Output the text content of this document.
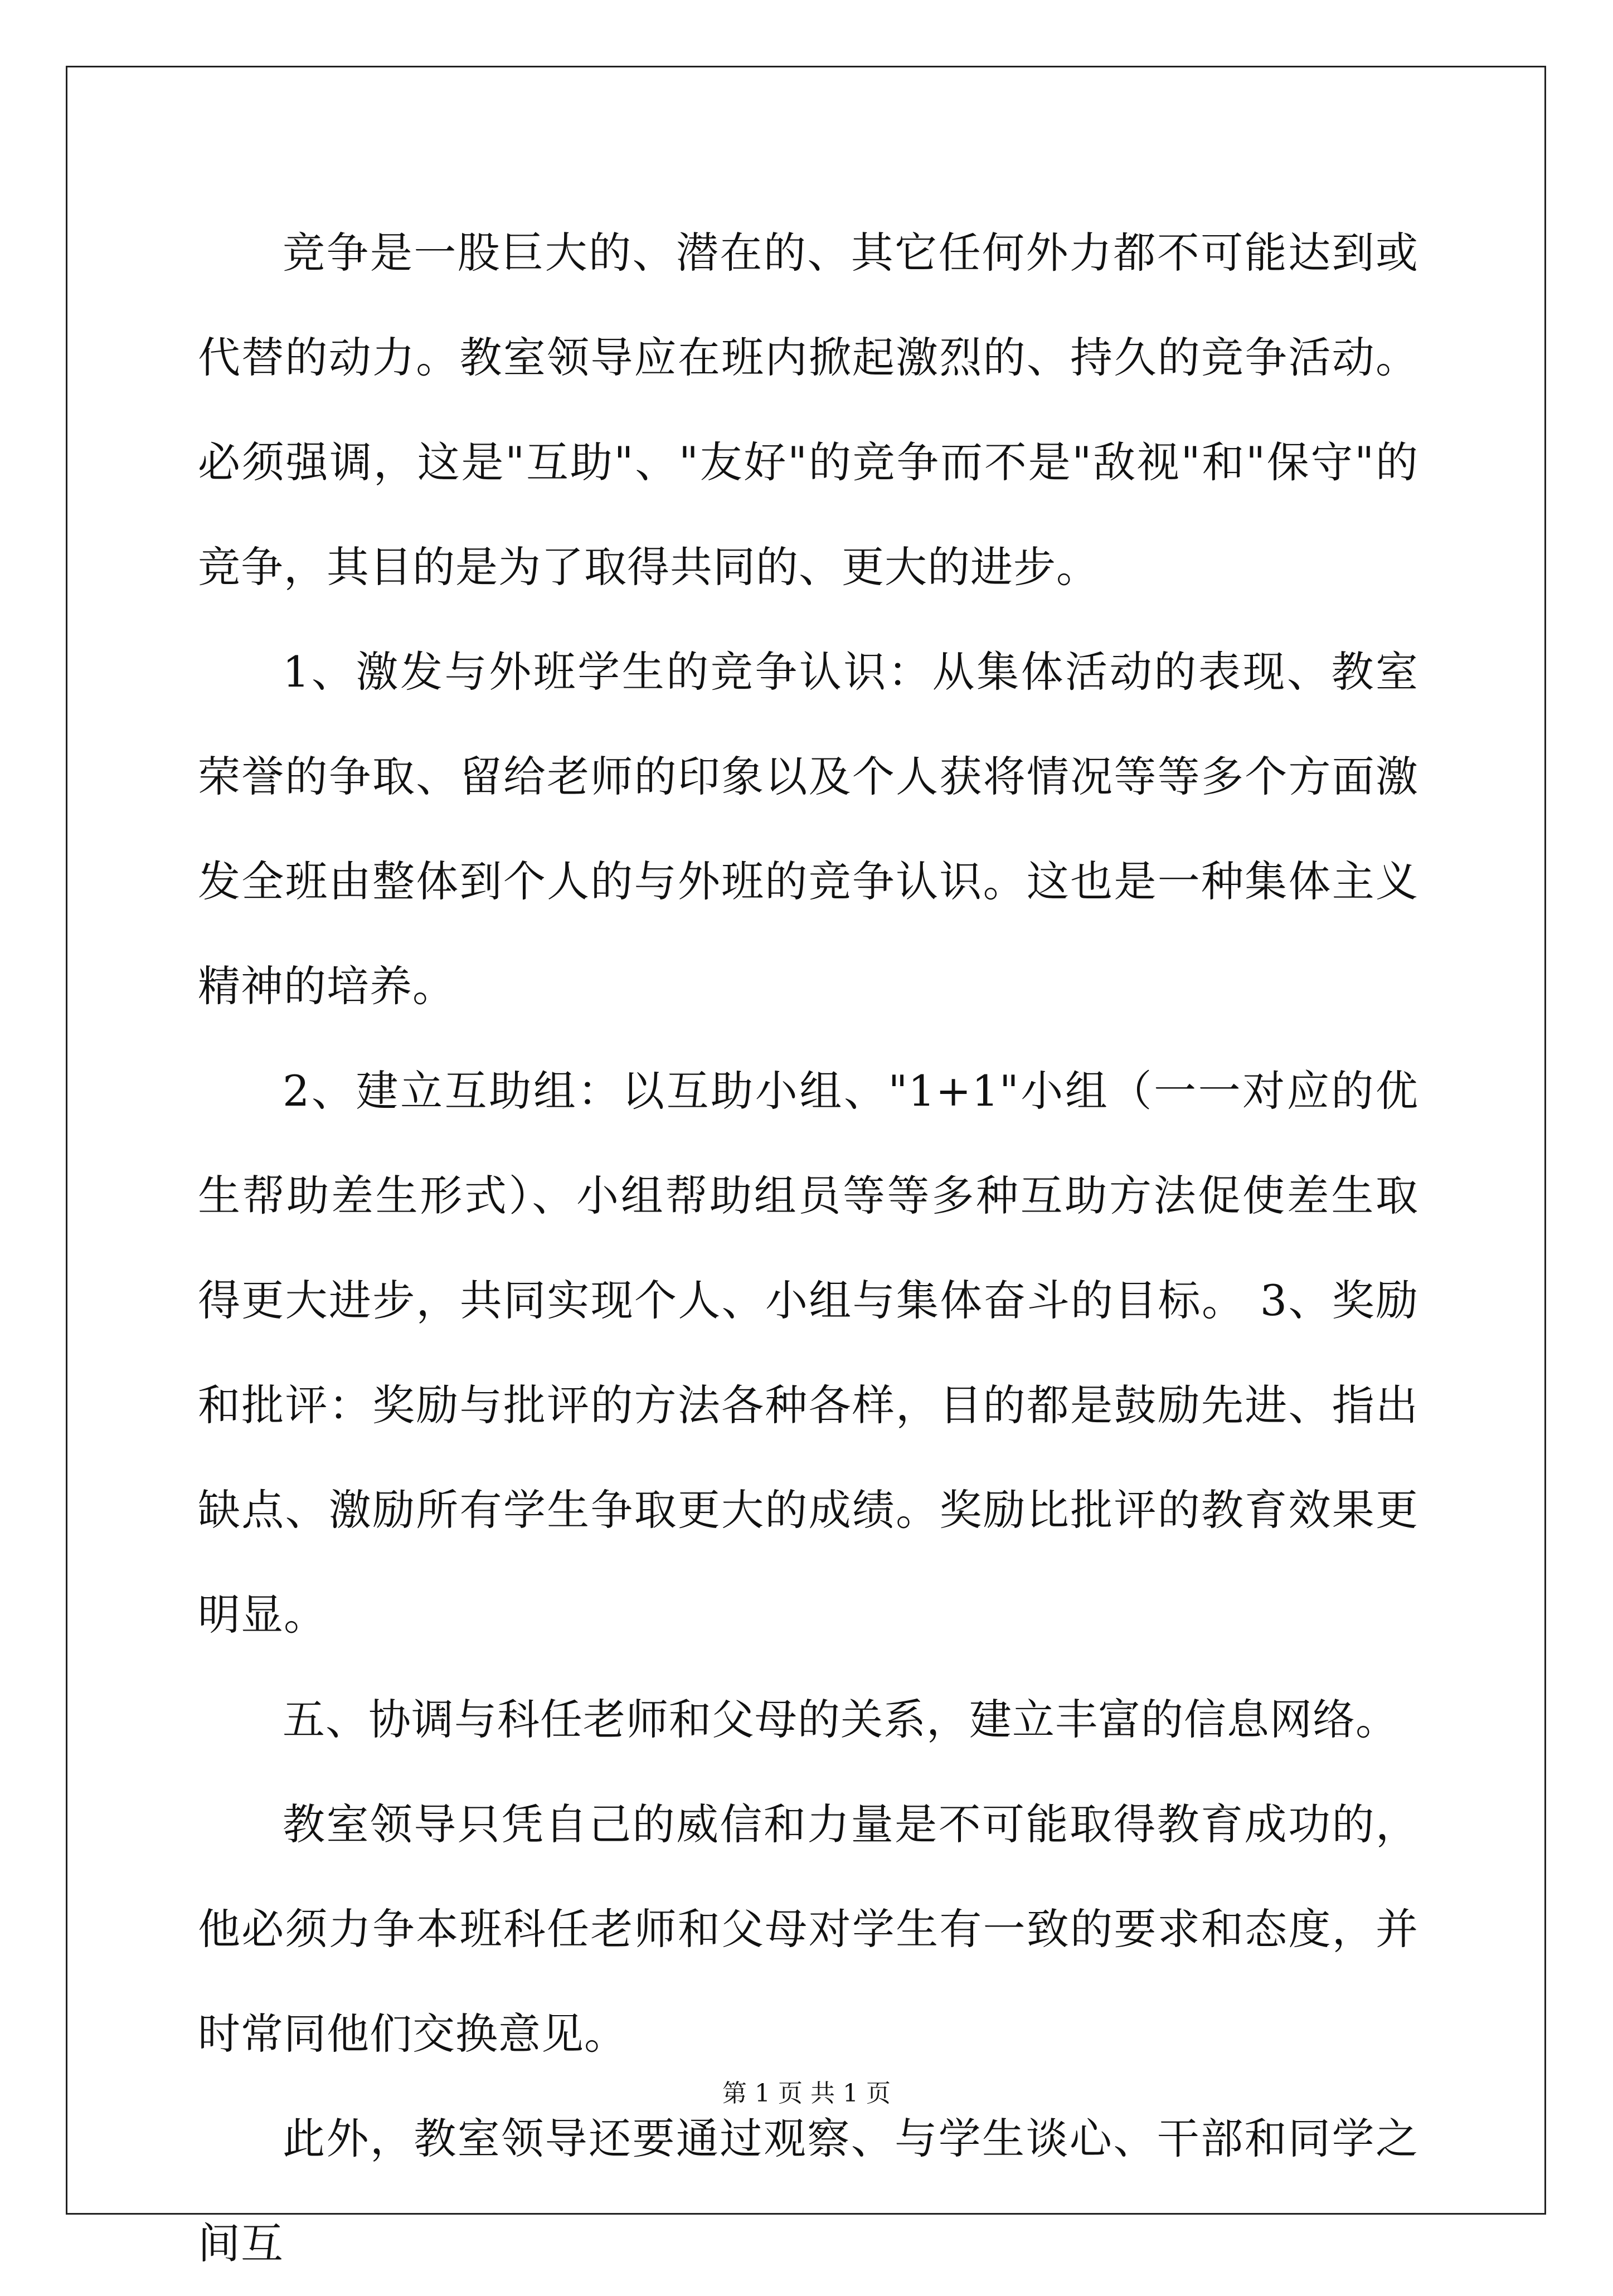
竞争是一股巨大的、潜在的、其它任何外力都不可能达到或代替的动力。教室领导应在班内掀起激烈的、持久的竞争活动。必须强调，这是"互助"、"友好"的竞争而不是"敌视"和"保守"的竞争，其目的是为了取得共同的、更大的进步。

1、激发与外班学生的竞争认识：从集体活动的表现、教室荣誉的争取、留给老师的印象以及个人获将情况等等多个方面激发全班由整体到个人的与外班的竞争认识。这也是一种集体主义精神的培养。

2、建立互助组：以互助小组、"1+1"小组（一一对应的优生帮助差生形式）、小组帮助组员等等多种互助方法促使差生取得更大进步，共同实现个人、小组与集体奋斗的目标。 3、奖励和批评：奖励与批评的方法各种各样，目的都是鼓励先进、指出缺点、激励所有学生争取更大的成绩。奖励比批评的教育效果更明显。

五、协调与科任老师和父母的关系，建立丰富的信息网络。

教室领导只凭自己的威信和力量是不可能取得教育成功的，他必须力争本班科任老师和父母对学生有一致的要求和态度，并时常同他们交换意见。

此外，教室领导还要通过观察、与学生谈心、干部和同学之间互

第 1 页 共 1 页
